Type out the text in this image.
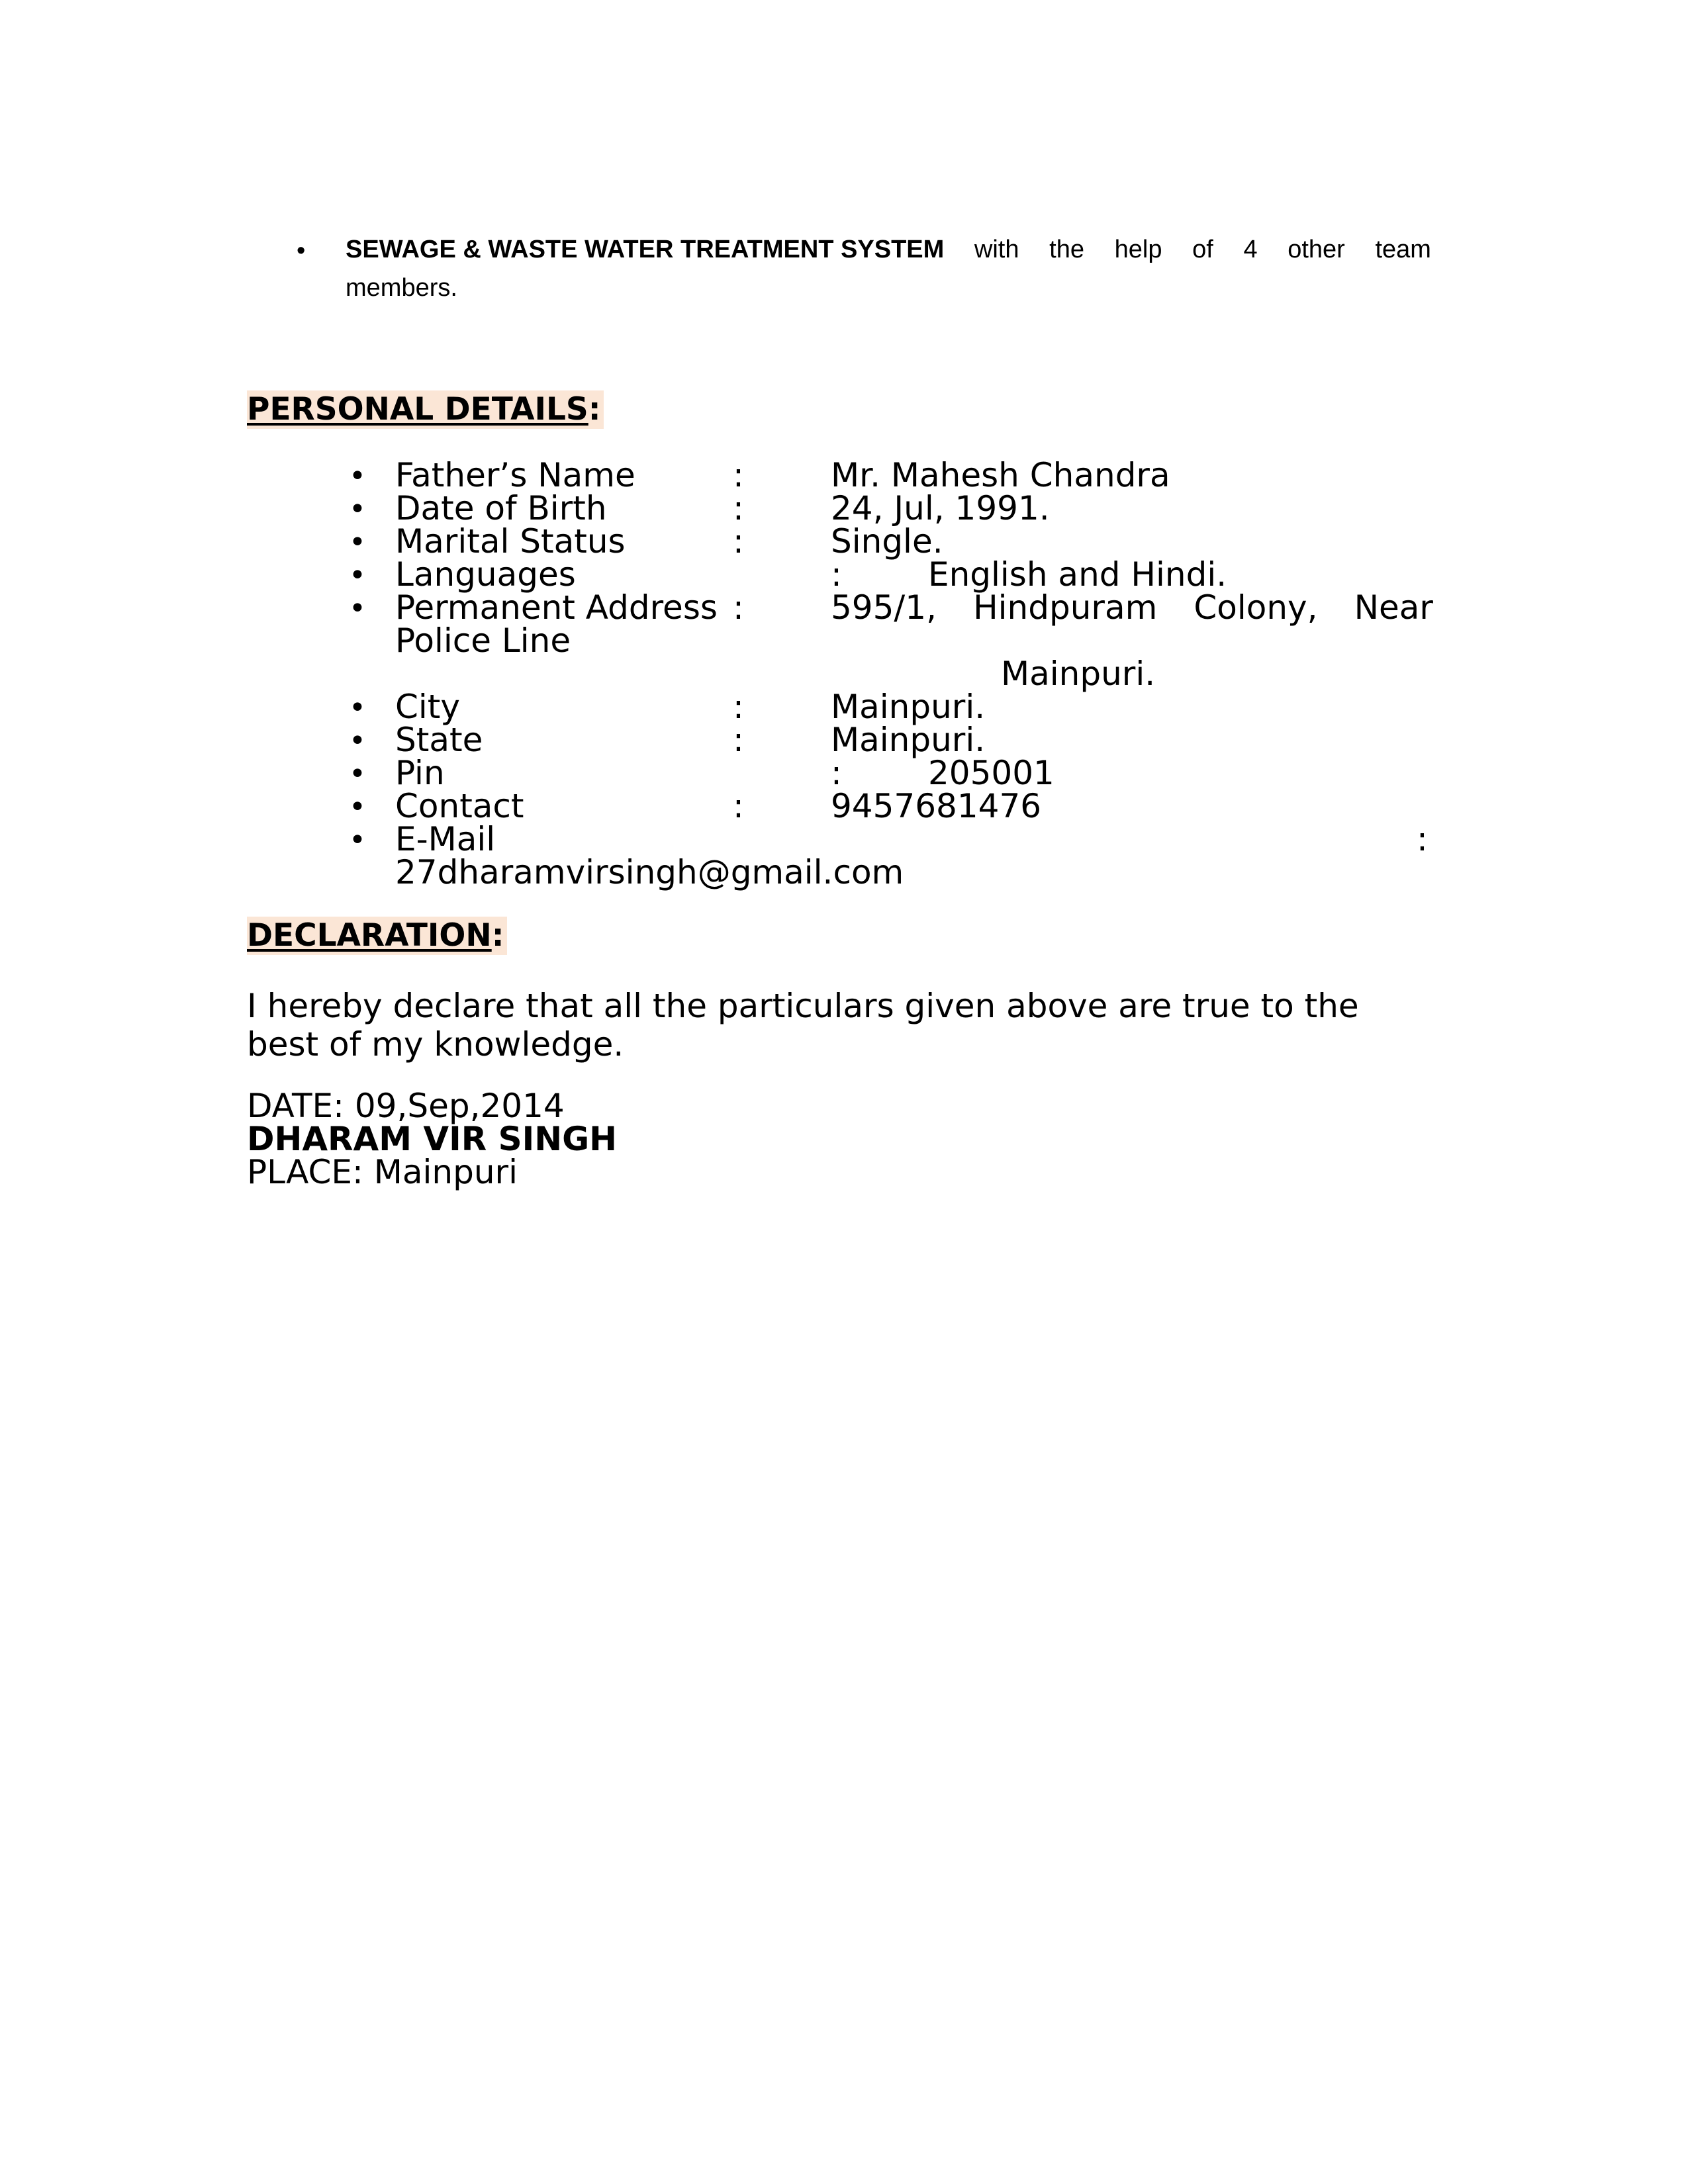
• SEWAGE & WASTE WATER TREATMENT SYSTEM with the help of 4 other team
members.
PERSONAL DETAILS:
• Father’s Name	:	Mr. Mahesh Chandra
• Date of Birth	:	24, Jul, 1991.
• Marital Status	:	Single.
• Languages	:	English and Hindi.
• Permanent Address :	595/1, Hindpuram Colony, Near
Police Line
Mainpuri.
• City	:	Mainpuri.
• State	:	Mainpuri.
• Pin	:	205001
• Contact	:	9457681476
• E-Mail	:
27dharamvirsingh@gmail.com
DECLARATION:
I hereby declare that all the particulars given above are true to the
best of my knowledge.
DATE: 09,Sep,2014
DHARAM VIR SINGH
PLACE: Mainpuri
